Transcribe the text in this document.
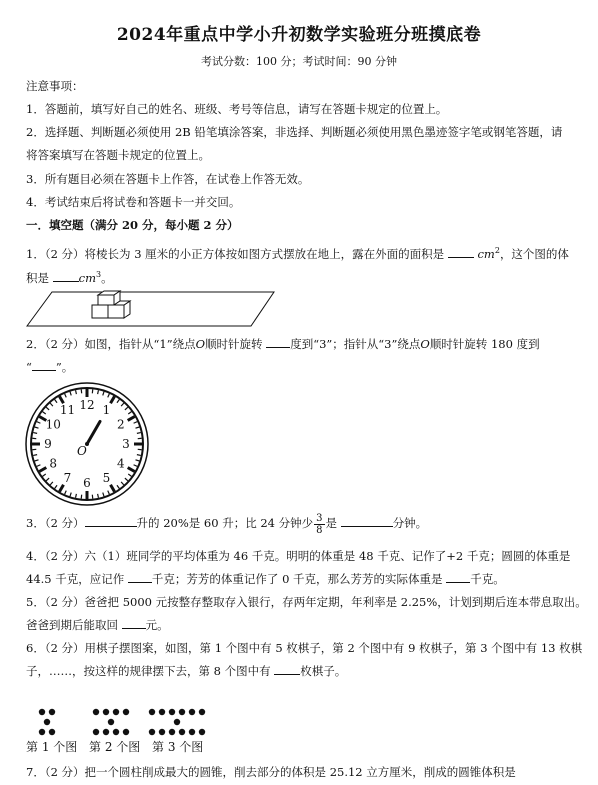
2024年重点中学小升初数学实验班分班摸底卷
考试分数：100 分；考试时间：90 分钟
注意事项：
1．答题前，填写好自己的姓名、班级、考号等信息，请写在答题卡规定的位置上。
2．选择题、判断题必须使用 2B 铅笔填涂答案，非选择、判断题必须使用黑色墨迹签字笔或钢笔答题，请
将答案填写在答题卡规定的位置上。
3．所有题目必须在答题卡上作答，在试卷上作答无效。
4．考试结束后将试卷和答题卡一并交回。
一．填空题（满分 20 分，每小题 2 分）
1．（2 分）将棱长为 3 厘米的小正方体按如图方式摆放在地上，露在外面的面积是	$cm^2$，这个图的体
积是	$cm^3$。
2．（2 分）如图，指针从“1”绕点O顺时针旋转 度到“3”；指针从“3”绕点O顺时针旋转 180 度到
“ ”。
12 1
2
3
4
5
6
7
8
9
10
11
O
3．（2 分）	升的 20%是 60 升；比 24 分钟少 $\frac{3}{8}$ 是	分钟。
4．（2 分）六（1）班同学的平均体重为 46 千克。明明的体重是 48 千克、记作了+2 千克；圆圆的体重是
44.5 千克，应记作 千克；芳芳的体重记作了 0 千克，那么芳芳的实际体重是 千克。
5．（2 分）爸爸把 5000 元按整存整取存入银行，存两年定期，年利率是 2.25%，计划到期后连本带息取出。
爸爸到期后能取回 元。
6．（2 分）用棋子摆图案，如图，第 1 个图中有 5 枚棋子，第 2 个图中有 9 枚棋子，第 3 个图中有 13 枚棋
子，……，按这样的规律摆下去，第 8 个图中有	枚棋子。
第 1 个图 第 2 个图 第 3 个图
7．（2 分）把一个圆柱削成最大的圆锥，削去部分的体积是 25.12 立方厘米，削成的圆锥体积是
